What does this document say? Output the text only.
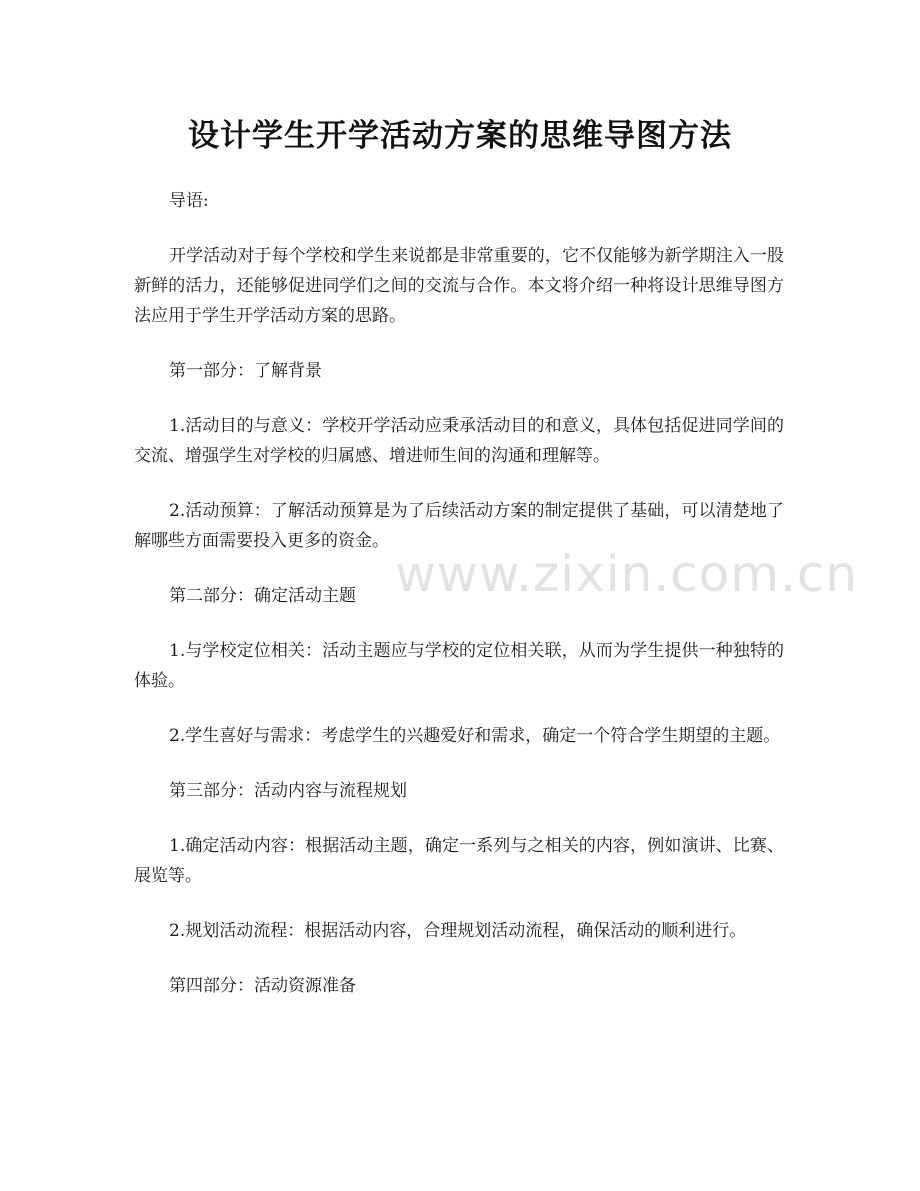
设计学生开学活动方案的思维导图方法

导语:

开学活动对于每个学校和学生来说都是非常重要的，它不仅能够为新学期注入一股新鲜的活力，还能够促进同学们之间的交流与合作。本文将介绍一种将设计思维导图方法应用于学生开学活动方案的思路。

第一部分：了解背景

1.活动目的与意义：学校开学活动应秉承活动目的和意义，具体包括促进同学间的交流、增强学生对学校的归属感、增进师生间的沟通和理解等。

2.活动预算：了解活动预算是为了后续活动方案的制定提供了基础，可以清楚地了解哪些方面需要投入更多的资金。

第二部分：确定活动主题

1.与学校定位相关：活动主题应与学校的定位相关联，从而为学生提供一种独特的体验。

2.学生喜好与需求：考虑学生的兴趣爱好和需求，确定一个符合学生期望的主题。

第三部分：活动内容与流程规划

1.确定活动内容：根据活动主题，确定一系列与之相关的内容，例如演讲、比赛、展览等。

2.规划活动流程：根据活动内容，合理规划活动流程，确保活动的顺利进行。

第四部分：活动资源准备

www.zixin.com.cn
